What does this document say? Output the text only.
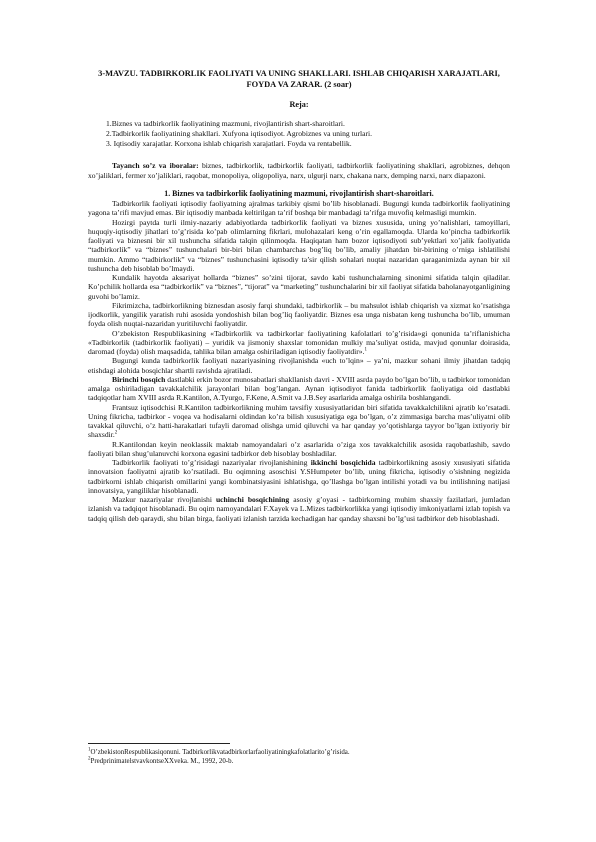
3-MAVZU. TADBIRKORLIK FAOLIYATI VA UNING SHAKLLARI. ISHLAB CHIQARISH XARAJATLARI, FOYDA VA ZARAR. (2 soar)
Reja:
1.Biznes va tadbirkorlik faoliyatining mazmuni, rivojlantirish shart-sharoitlari.
2.Tadbirkorlik faoliyatining shakllari. Xufyona iqtisodiyot. Agrobiznes va uning turlari.
3. Iqtisodiy xarajatlar. Korxona ishlab chiqarish xarajatlari. Foyda va rentabellik.
Tayanch so’z va iboralar: biznes, tadbirkorlik, tadbirkorlik faoliyati, tadbirkorlik faoliyatining shakllari, agrobiznes, dehqon xo’jaliklari, fermer xo’jaliklari, raqobat, monopoliya, oligopoliya, narx, ulgurji narx, chakana narx, demping narxi, narx diapazoni.
1. Biznes va tadbirkorlik faoliyatining mazmuni, rivojlantirish shart-sharoitlari.
Tadbirkorlik faoliyati iqtisodiy faoliyatning ajralmas tarkibiy qismi bo’lib hisoblanadi. Bugungi kunda tadbirkorlik faoliyatining yagona ta’rifi mavjud emas. Bir iqtisodiy manbada keltirilgan ta’rif boshqa bir manbadagi ta’rifga muvofiq kelmasligi mumkin.
Hozirgi paytda turli ilmiy-nazariy adabiyotlarda tadbirkorlik faoliyati va biznes xususida, uning yo’nalishlari, tamoyillari, huquqiy-iqtisodiy jihatlari to’g’risida ko’pab olimlarning fikrlari, mulohazalari keng o’rin egallamoqda. Ularda ko’pincha tadbirkorlik faoliyati va biznesni bir xil tushuncha sifatida talqin qilinmoqda. Haqiqatan ham bozor iqtisodiyoti sub’yektlari xo’jalik faoliyatida “tadbirkorlik” va “biznes” tushunchalari bir-biri bilan chambarchas bog’liq bo’lib, amaliy jihatdan bir-birining o’rniga ishlatilishi mumkin. Ammo “tadbirkorlik” va “biznes” tushunchasini iqtisodiy ta’sir qilish sohalari nuqtai nazaridan qaraganimizda aynan bir xil tushuncha deb hisoblab bo’lmaydi.
Kundalik hayotda aksariyat hollarda “biznes” so’zini tijorat, savdo kabi tushunchalarning sinonimi sifatida talqin qiladilar. Ko’pchilik hollarda esa “tadbirkorlik” va “biznes”, “tijorat” va “marketing” tushunchalarini bir xil faoliyat sifatida baholanayotganligining guvohi bo’lamiz.
Fikrimizcha, tadbirkorlikning biznesdan asosiy farqi shundaki, tadbirkorlik – bu mahsulot ishlab chiqarish va xizmat ko’rsatishga ijodkorlik, yangilik yaratish ruhi asosida yondoshish bilan bog’liq faoliyatdir. Biznes esa unga nisbatan keng tushuncha bo’lib, umuman foyda olish nuqtai-nazaridan yuritiluvchi faoliyatdir.
O’zbekiston Respublikasining «Tadbirkorlik va tadbirkorlar faoliyatining kafolatlari to’g’risida»gi qonunida ta’riflanishicha «Tadbirkorlik (tadbirkorlik faoliyati) – yuridik va jismoniy shaxslar tomonidan mulkiy ma’suliyat ostida, mavjud qonunlar doirasida, daromad (foyda) olish maqsadida, tahlika bilan amalga oshiriladigan iqtisodiy faoliyatdir».$^1$
Bugungi kunda tadbirkorlik faoliyati nazariyasining rivojlanishda «uch to’lqin» – ya’ni, mazkur sohani ilmiy jihatdan tadqiq etishdagi alohida bosqichlar shartli ravishda ajratiladi.
Birinchi bosqich dastlabki erkin bozor munosabatlari shakllanish davri - XVIII asrda paydo bo’lgan bo’lib, u tadbirkor tomonidan amalga oshiriladigan tavakkalchilik jarayonlari bilan bog’langan. Aynan iqtisodiyot fanida tadbirkorlik faoliyatiga oid dastlabki tadqiqotlar ham XVIII asrda R.Kantilon, A.Tyurgo, F.Kene, A.Smit va J.B.Sey asarlarida amalga oshirila boshlangandi.
Frantsuz iqtisodchisi R.Kantilon tadbirkorlikning muhim tavsifiy xususiyatlaridan biri sifatida tavakkalchilikni ajratib ko’rsatadi. Uning fikricha, tadbirkor - voqea va hodisalarni oldindan ko’ra bilish xususiyatiga ega bo’lgan, o’z zimmasiga barcha mas’uliyatni olib tavakkal qiluvchi, o’z hatti-harakatlari tufayli daromad olishga umid qiluvchi va har qanday yo’qotishlarga tayyor bo’lgan ixtiyoriy bir shaxsdir.$^2$
R.Kantilondan keyin neoklassik maktab namoyandalari o’z asarlarida o’ziga xos tavakkalchilik asosida raqobatlashib, savdo faoliyati bilan shug’ulanuvchi korxona egasini tadbirkor deb hisoblay boshladilar.
Tadbirkorlik faoliyati to’g’risidagi nazariyalar rivojlanishining ikkinchi bosqichida tadbirkorlikning asosiy xususiyati sifatida innovatsion faoliyatni ajratib ko’rsatiladi. Bu oqimning asoschisi Y.SHumpeter bo’lib, uning fikricha, iqtisodiy o’sishning negizida tadbirkorni ishlab chiqarish omillarini yangi kombinatsiyasini ishlatishga, qo’llashga bo’lgan intilishi yotadi va bu intilishning natijasi innovatsiya, yangiliklar hisoblanadi.
Mazkur nazariyalar rivojlanishi uchinchi bosqichining asosiy g’oyasi - tadbirkorning muhim shaxsiy fazilatlari, jumladan izlanish va tadqiqot hisoblanadi. Bu oqim namoyandalari F.Xayek va L.Mizes tadbirkorlikka yangi iqtisodiy imkoniyatlarni izlab topish va tadqiq qilish deb qaraydi, shu bilan birga, faoliyati izlanish tarzida kechadigan har qanday shaxsni bo’lg’usi tadbirkor deb hisoblashadi.
$^1$O’zbekistonRespublikasiqonuni. Tadbirkorlikvatadbirkorlarfaoliyatiningkafolatlarito’g’risida.
$^2$PredprinimatelstvavkontseXXveka. M., 1992, 20-b.
